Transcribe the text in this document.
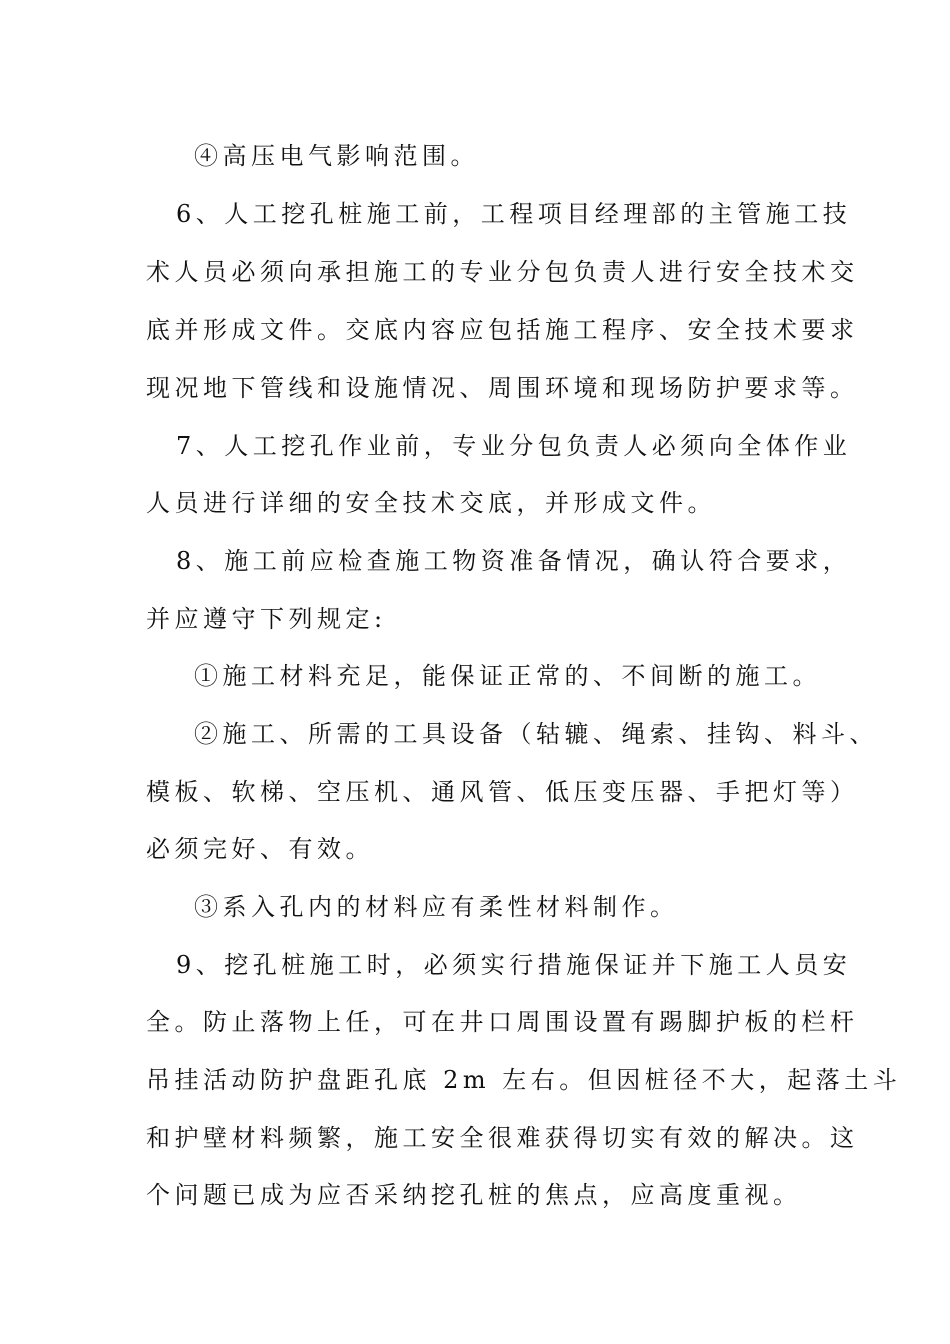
④高压电气影响范围。
6、人工挖孔桩施工前，工程项目经理部的主管施工技
术人员必须向承担施工的专业分包负责人进行安全技术交
底并形成文件。交底内容应包括施工程序、安全技术要求
现况地下管线和设施情况、周围环境和现场防护要求等。
7、人工挖孔作业前，专业分包负责人必须向全体作业
人员进行详细的安全技术交底，并形成文件。
8、施工前应检查施工物资准备情况，确认符合要求，
并应遵守下列规定:
①施工材料充足，能保证正常的、不间断的施工。
②施工、所需的工具设备（轱辘、绳索、挂钩、料斗、
模板、软梯、空压机、通风管、低压变压器、手把灯等）
必须完好、有效。
③系入孔内的材料应有柔性材料制作。
9、挖孔桩施工时，必须实行措施保证并下施工人员安
全。防止落物上任，可在井口周围设置有踢脚护板的栏杆
吊挂活动防护盘距孔底 2m 左右。但因桩径不大，起落土斗
和护壁材料频繁，施工安全很难获得切实有效的解决。这
个问题已成为应否采纳挖孔桩的焦点，应高度重视。
